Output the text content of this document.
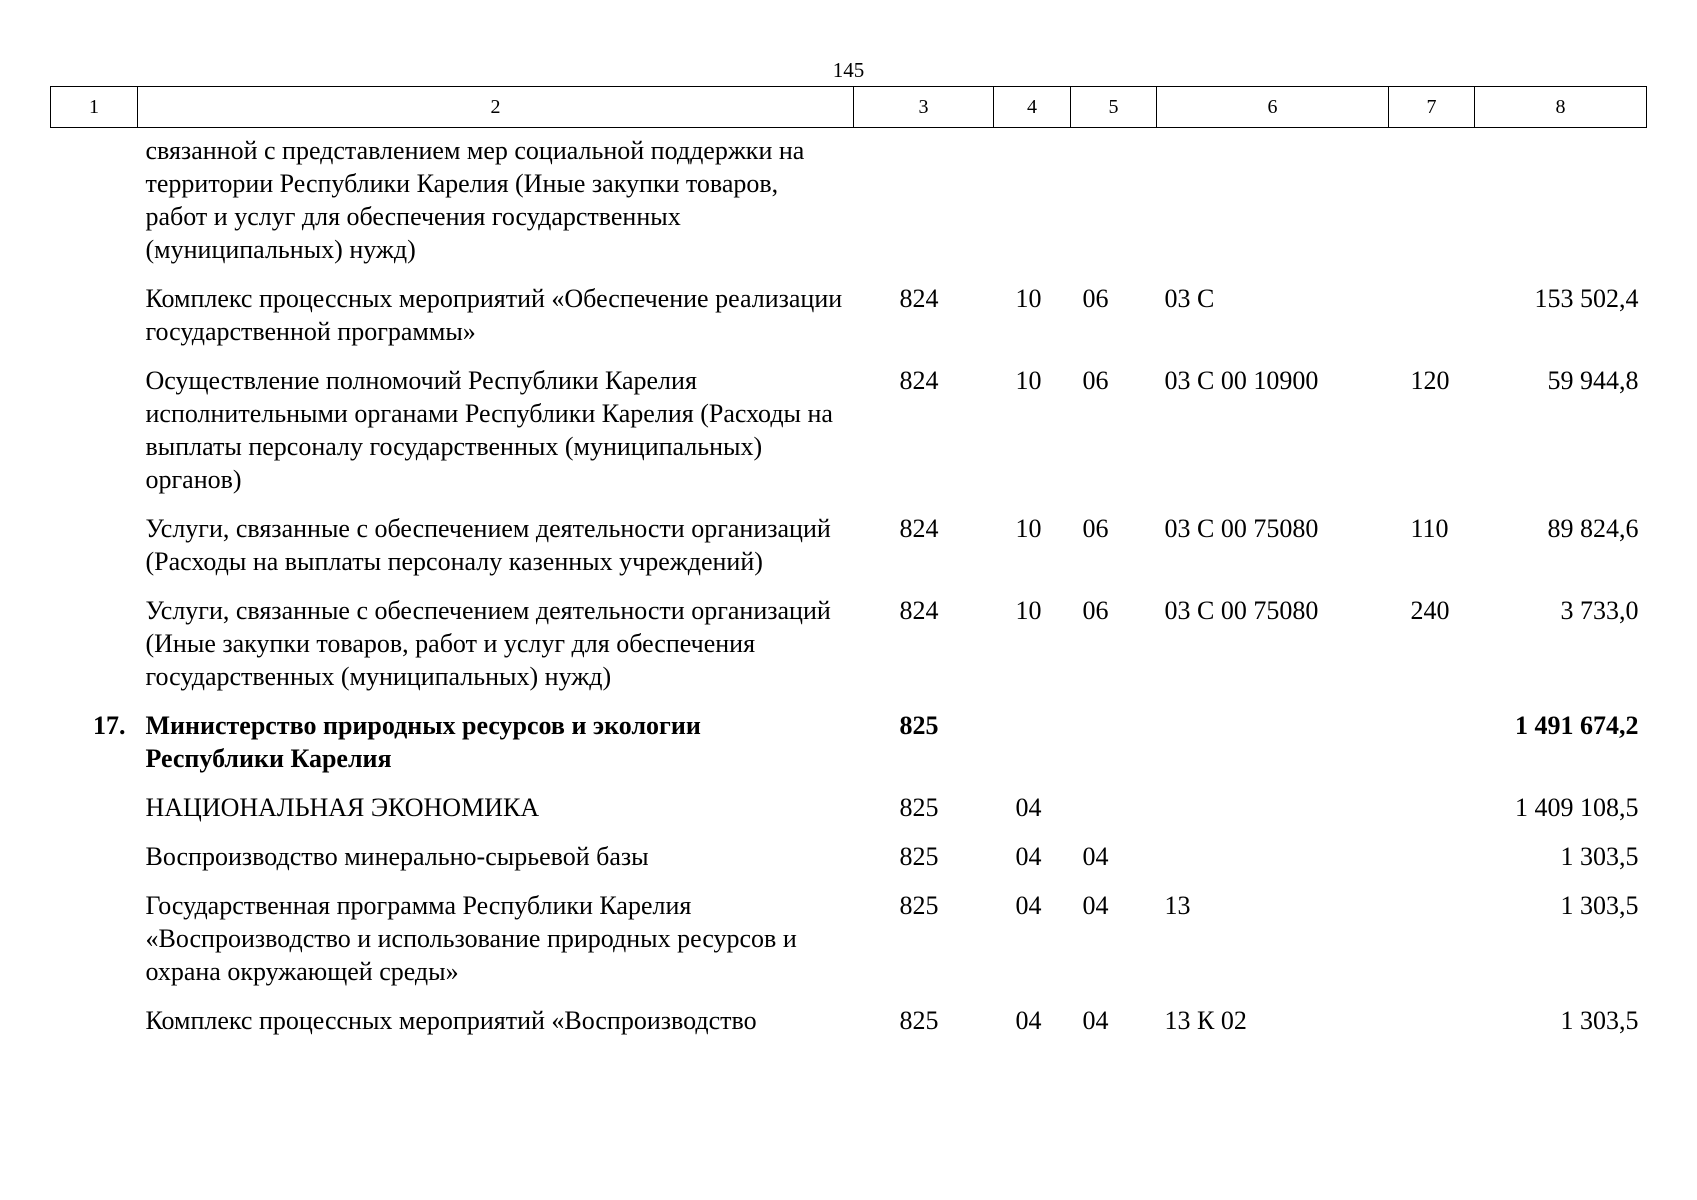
145
1	2	3	4	5	6	7	8
	связанной с представлением мер социальной поддержки на территории Республики Карелия (Иные закупки товаров, работ и услуг для обеспечения государственных (муниципальных) нужд)						
	Комплекс процессных мероприятий «Обеспечение реализации государственной программы»	824	10	06	03 С		153 502,4
	Осуществление полномочий Республики Карелия исполнительными органами Республики Карелия (Расходы на выплаты персоналу государственных (муниципальных) органов)	824	10	06	03 С 00 10900	120	59 944,8
	Услуги, связанные с обеспечением деятельности организаций (Расходы на выплаты персоналу казенных учреждений)	824	10	06	03 С 00 75080	110	89 824,6
	Услуги, связанные с обеспечением деятельности организаций (Иные закупки товаров, работ и услуг для обеспечения государственных (муниципальных) нужд)	824	10	06	03 С 00 75080	240	3 733,0
17.	Министерство природных ресурсов и экологии Республики Карелия	825					1 491 674,2
	НАЦИОНАЛЬНАЯ ЭКОНОМИКА	825	04				1 409 108,5
	Воспроизводство минерально-сырьевой базы	825	04	04			1 303,5
	Государственная программа Республики Карелия «Воспроизводство и использование природных ресурсов и охрана окружающей среды»	825	04	04	13		1 303,5
	Комплекс процессных мероприятий «Воспроизводство	825	04	04	13 К 02		1 303,5
